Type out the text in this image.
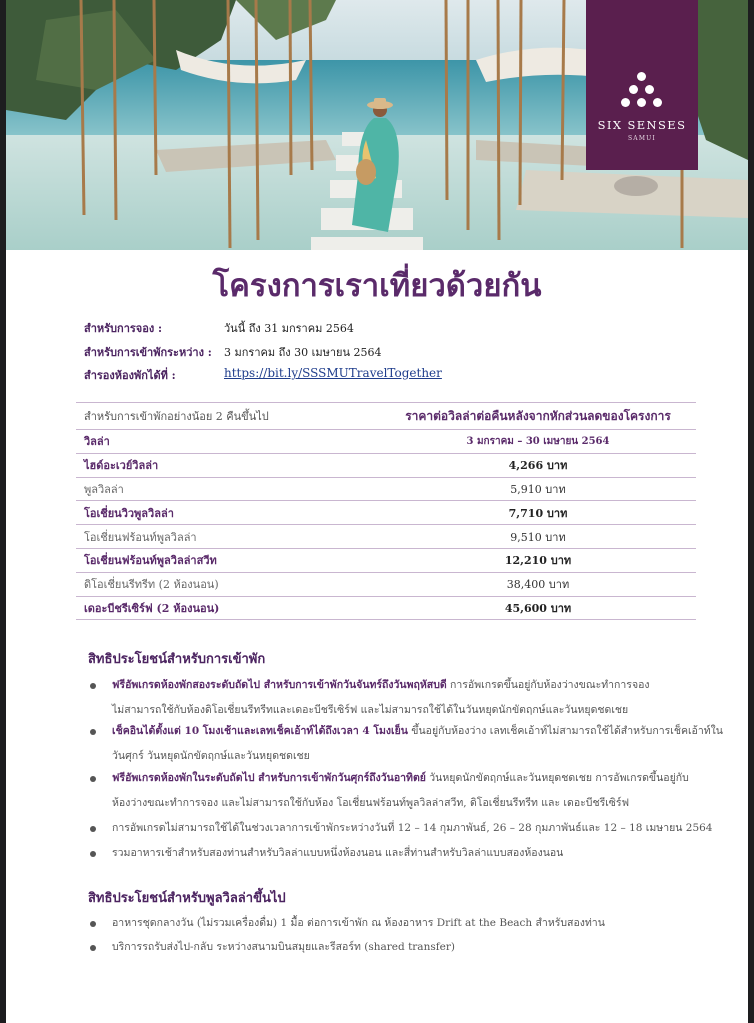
SIX SENSES
SAMUI
โครงการเราเที่ยวด้วยกัน
สำหรับการจอง :	วันนี้ ถึง 31 มกราคม 2564
สำหรับการเข้าพักระหว่าง :	3 มกราคม ถึง 30 เมษายน 2564
สำรองห้องพักได้ที่ :	https://bit.ly/SSSMUTravelTogether
สำหรับการเข้าพักอย่างน้อย 2 คืนขึ้นไป	ราคาต่อวิลล่าต่อคืนหลังจากหักส่วนลดของโครงการ
วิลล่า	3 มกราคม – 30 เมษายน 2564
ไฮด์อะเวย์วิลล่า	4,266 บาท
พูลวิลล่า	5,910 บาท
โอเชี่ยนวิวพูลวิลล่า	7,710 บาท
โอเชี่ยนฟร้อนท์พูลวิลล่า	9,510 บาท
โอเชี่ยนฟร้อนท์พูลวิลล่าสวีท	12,210 บาท
ดิโอเชี่ยนรีทรีท (2 ห้องนอน)	38,400 บาท
เดอะบีชรีเซิร์ฟ (2 ห้องนอน)	45,600 บาท
สิทธิประโยชน์สำหรับการเข้าพัก
ฟรีอัพเกรดห้องพักสองระดับถัดไป สำหรับการเข้าพักวันจันทร์ถึงวันพฤหัสบดี การอัพเกรดขึ้นอยู่กับห้องว่างขณะทำการจอง
ไม่สามารถใช้กับห้องดิโอเชี่ยนรีทรีทและเดอะบีชรีเซิร์ฟ และไม่สามารถใช้ได้ในวันหยุดนักขัตฤกษ์และวันหยุดชดเชย
เช็คอินได้ตั้งแต่ 10 โมงเช้าและเลทเช็คเอ้าท์ได้ถึงเวลา 4 โมงเย็น ขึ้นอยู่กับห้องว่าง เลทเช็คเอ้าท์ไม่สามารถใช้ได้สำหรับการเช็คเอ้าท์ใน
วันศุกร์ วันหยุดนักขัตฤกษ์และวันหยุดชดเชย
ฟรีอัพเกรดห้องพักในระดับถัดไป สำหรับการเข้าพักวันศุกร์ถึงวันอาทิตย์ วันหยุดนักขัตฤกษ์และวันหยุดชดเชย การอัพเกรดขึ้นอยู่กับ
ห้องว่างขณะทำการจอง และไม่สามารถใช้กับห้อง โอเชี่ยนฟร้อนท์พูลวิลล่าสวีท, ดิโอเชี่ยนรีทรีท และ เดอะบีชรีเซิร์ฟ
การอัพเกรดไม่สามารถใช้ได้ในช่วงเวลาการเข้าพักระหว่างวันที่ 12 – 14 กุมภาพันธ์, 26 – 28 กุมภาพันธ์และ 12 – 18 เมษายน 2564
รวมอาหารเช้าสำหรับสองท่านสำหรับวิลล่าแบบหนึ่งห้องนอน และสี่ท่านสำหรับวิลล่าแบบสองห้องนอน
สิทธิประโยชน์สำหรับพูลวิลล่าขึ้นไป
อาหารชุดกลางวัน (ไม่รวมเครื่องดื่ม) 1 มื้อ ต่อการเข้าพัก ณ ห้องอาหาร Drift at the Beach สำหรับสองท่าน
บริการรถรับส่งไป-กลับ ระหว่างสนามบินสมุยและรีสอร์ท (shared transfer)
